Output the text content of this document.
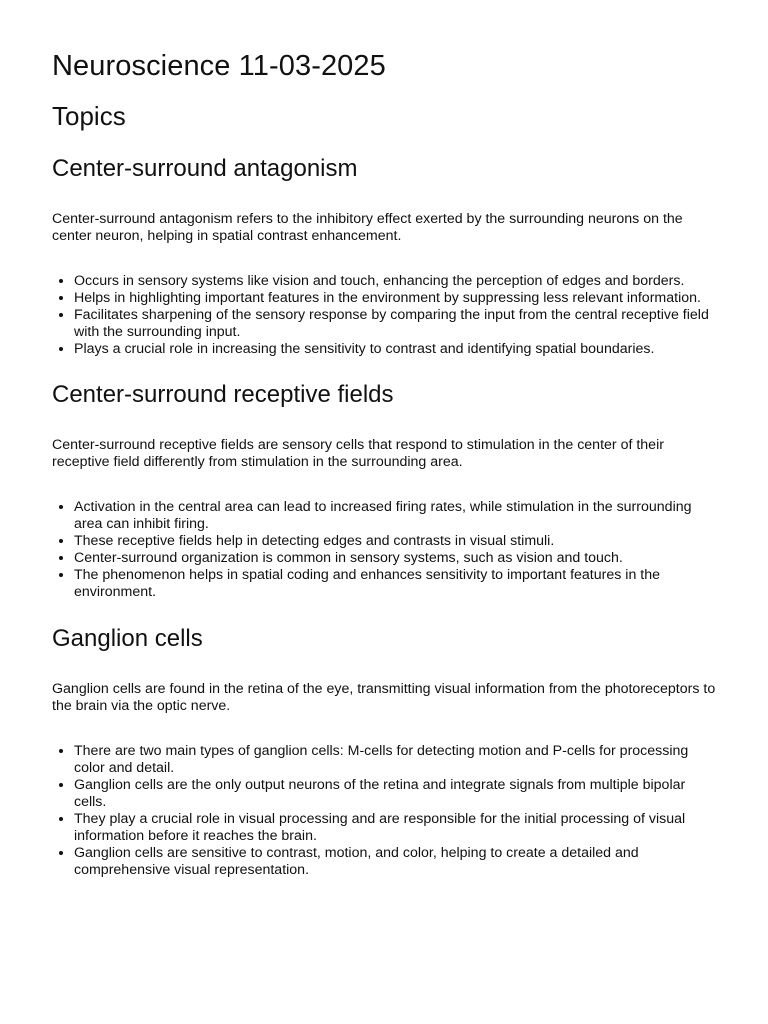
Neuroscience 11-03-2025
Topics
Center-surround antagonism

Center-surround antagonism refers to the inhibitory effect exerted by the surrounding neurons on the center neuron, helping in spatial contrast enhancement.

• Occurs in sensory systems like vision and touch, enhancing the perception of edges and borders.
• Helps in highlighting important features in the environment by suppressing less relevant information.
• Facilitates sharpening of the sensory response by comparing the input from the central receptive field with the surrounding input.
• Plays a crucial role in increasing the sensitivity to contrast and identifying spatial boundaries.
Center-surround receptive fields

Center-surround receptive fields are sensory cells that respond to stimulation in the center of their receptive field differently from stimulation in the surrounding area.

• Activation in the central area can lead to increased firing rates, while stimulation in the surrounding area can inhibit firing.
• These receptive fields help in detecting edges and contrasts in visual stimuli.
• Center-surround organization is common in sensory systems, such as vision and touch.
• The phenomenon helps in spatial coding and enhances sensitivity to important features in the environment.
Ganglion cells

Ganglion cells are found in the retina of the eye, transmitting visual information from the photoreceptors to the brain via the optic nerve.

• There are two main types of ganglion cells: M-cells for detecting motion and P-cells for processing color and detail.
• Ganglion cells are the only output neurons of the retina and integrate signals from multiple bipolar cells.
• They play a crucial role in visual processing and are responsible for the initial processing of visual information before it reaches the brain.
• Ganglion cells are sensitive to contrast, motion, and color, helping to create a detailed and comprehensive visual representation.
